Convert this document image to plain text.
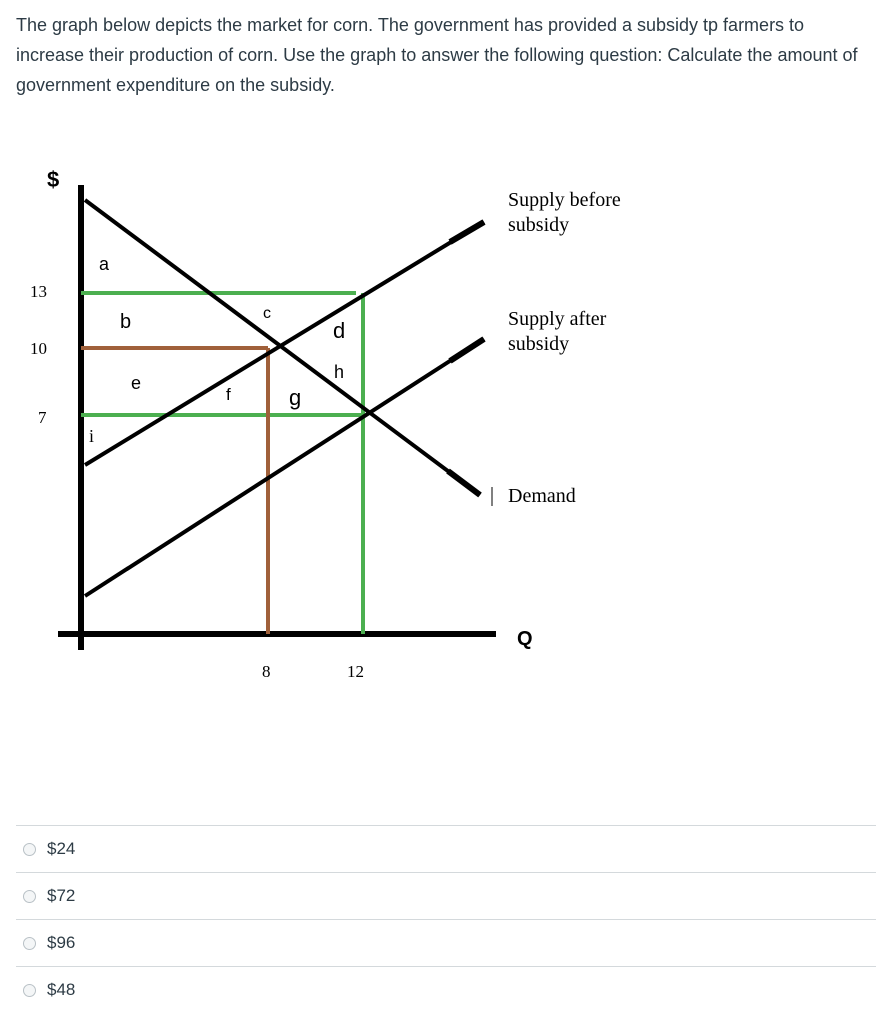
The graph below depicts the market for corn. The government has provided a subsidy tp farmers to increase their production of corn. Use the graph to answer the following question: Calculate the amount of government expenditure on the subsidy.

$
Q
13
10
7
8	12
Supply before
subsidy
Supply after
subsidy
Demand
a
b	c
d
e
f	g
h
i
$24
$72
$96
$48
